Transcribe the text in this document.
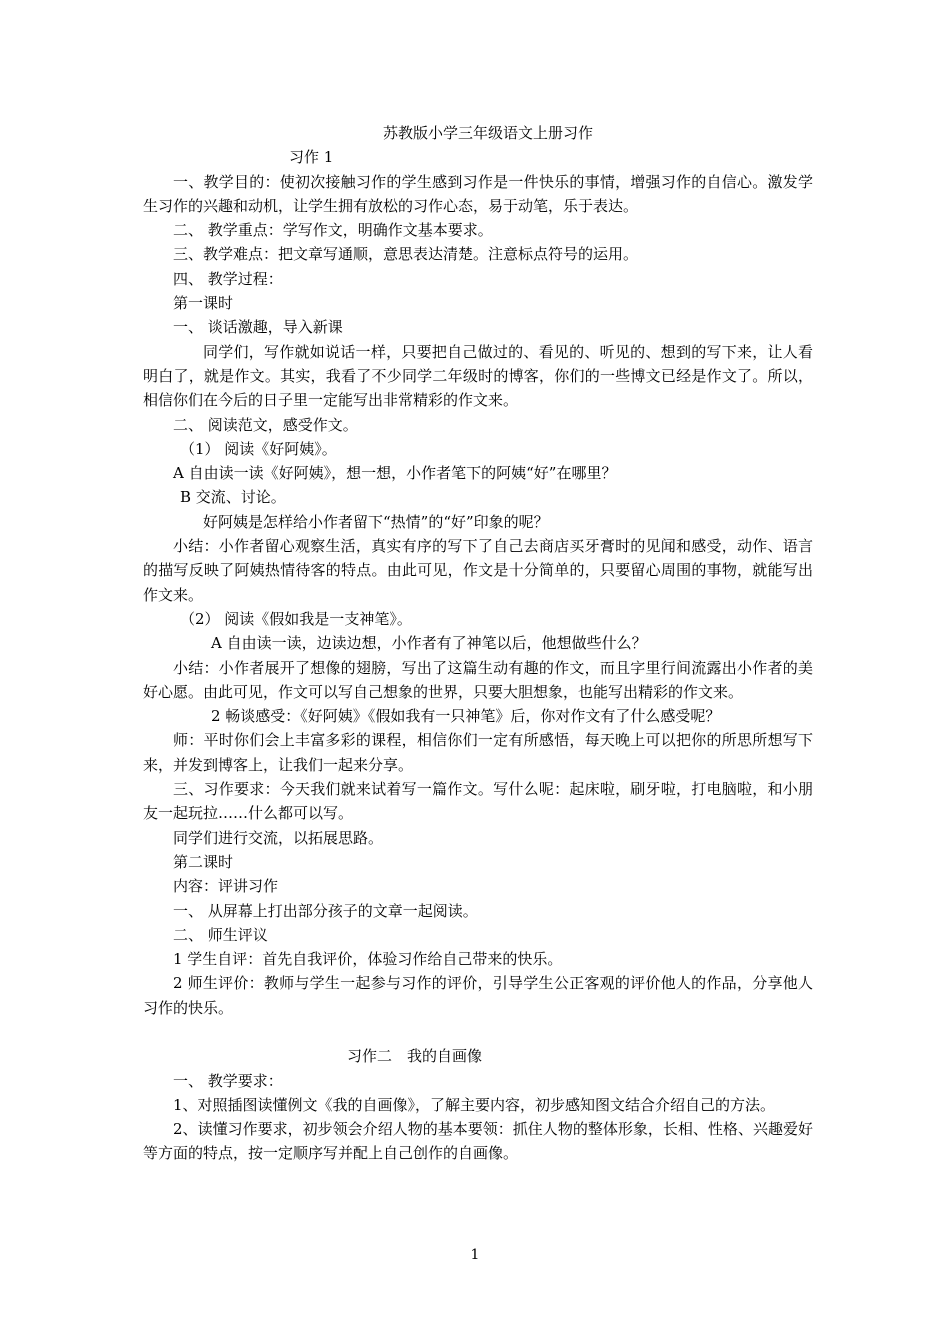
苏教版小学三年级语文上册习作

习作 1

一、教学目的：使初次接触习作的学生感到习作是一件快乐的事情，增强习作的自信心。激发学生习作的兴趣和动机，让学生拥有放松的习作心态，易于动笔，乐于表达。

二、 教学重点：学写作文，明确作文基本要求。

三、教学难点：把文章写通顺，意思表达清楚。注意标点符号的运用。

四、 教学过程：

第一课时

一、 谈话激趣，导入新课

同学们，写作就如说话一样，只要把自己做过的、看见的、听见的、想到的写下来，让人看明白了，就是作文。其实，我看了不少同学二年级时的博客，你们的一些博文已经是作文了。所以，相信你们在今后的日子里一定能写出非常精彩的作文来。

二、 阅读范文，感受作文。

（1） 阅读《好阿姨》。

A 自由读一读《好阿姨》，想一想，小作者笔下的阿姨“好”在哪里？

B 交流、讨论。

好阿姨是怎样给小作者留下“热情”的“好”印象的呢？

小结：小作者留心观察生活，真实有序的写下了自己去商店买牙膏时的见闻和感受，动作、语言的描写反映了阿姨热情待客的特点。由此可见，作文是十分简单的，只要留心周围的事物，就能写出作文来。

（2） 阅读《假如我是一支神笔》。

A 自由读一读，边读边想，小作者有了神笔以后，他想做些什么？

小结：小作者展开了想像的翅膀，写出了这篇生动有趣的作文，而且字里行间流露出小作者的美好心愿。由此可见，作文可以写自己想象的世界，只要大胆想象，也能写出精彩的作文来。

2 畅谈感受：《好阿姨》《假如我有一只神笔》后，你对作文有了什么感受呢？

师：平时你们会上丰富多彩的课程，相信你们一定有所感悟，每天晚上可以把你的所思所想写下来，并发到博客上，让我们一起来分享。

三、习作要求：今天我们就来试着写一篇作文。写什么呢：起床啦，刷牙啦，打电脑啦，和小朋友一起玩拉……什么都可以写。

同学们进行交流，以拓展思路。

第二课时

内容：评讲习作

一、 从屏幕上打出部分孩子的文章一起阅读。

二、 师生评议

1 学生自评：首先自我评价，体验习作给自己带来的快乐。

2 师生评价：教师与学生一起参与习作的评价，引导学生公正客观的评价他人的作品，分享他人习作的快乐。

习作二　我的自画像

一、 教学要求：

1、对照插图读懂例文《我的自画像》，了解主要内容，初步感知图文结合介绍自己的方法。

2、读懂习作要求，初步领会介绍人物的基本要领：抓住人物的整体形象，长相、性格、兴趣爱好等方面的特点，按一定顺序写并配上自己创作的自画像。

1
